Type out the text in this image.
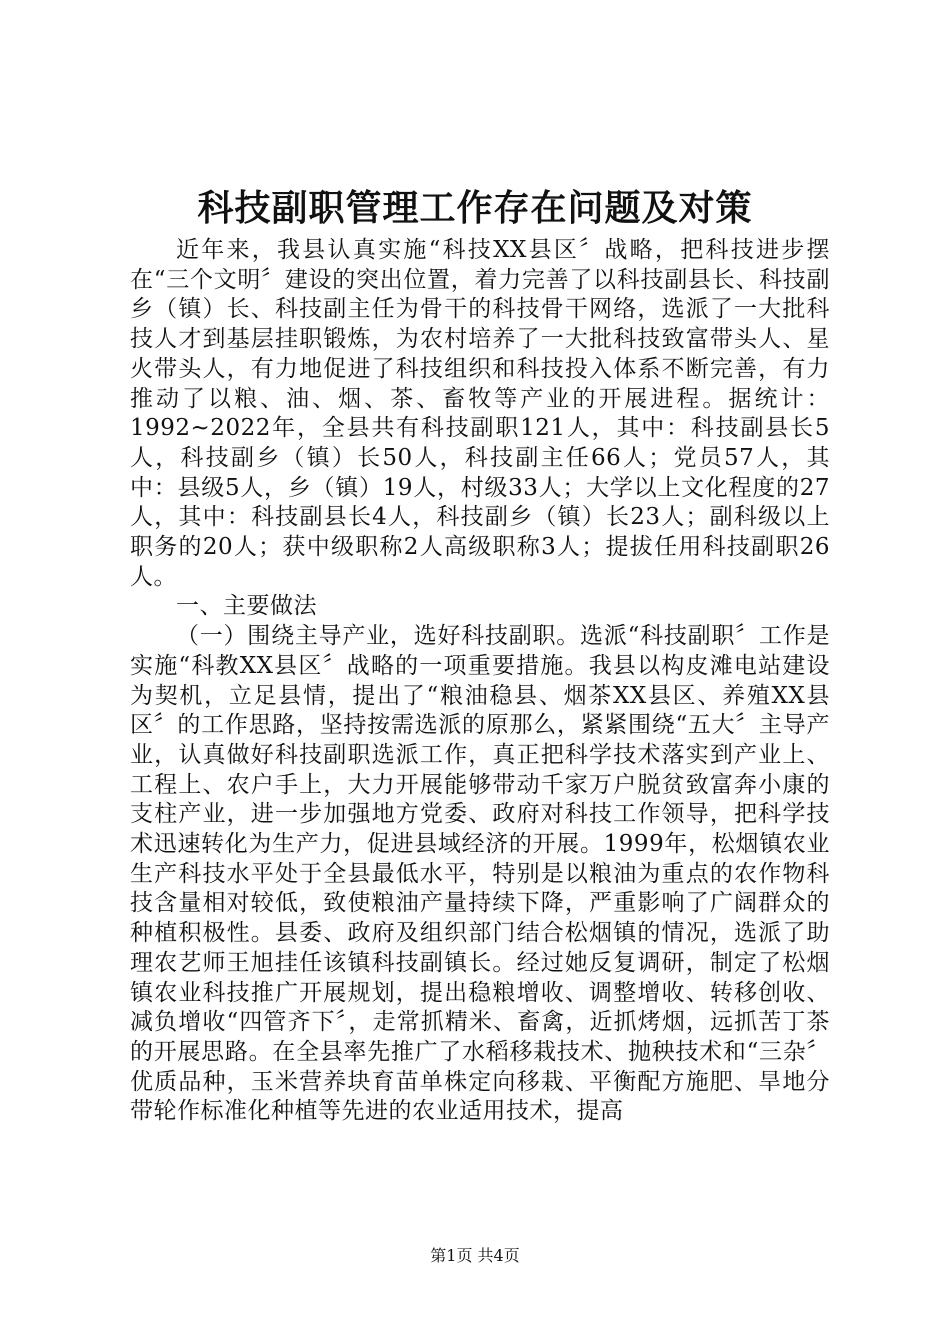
科技副职管理工作存在问题及对策

近年来，我县认真实施“科技XX县区〞战略，把科技进步摆在“三个文明〞建设的突出位置，着力完善了以科技副县长、科技副乡（镇）长、科技副主任为骨干的科技骨干网络，选派了一大批科技人才到基层挂职锻炼，为农村培养了一大批科技致富带头人、星火带头人，有力地促进了科技组织和科技投入体系不断完善，有力推动了以粮、油、烟、茶、畜牧等产业的开展进程。据统计：1992~2022年，全县共有科技副职121人，其中：科技副县长5人，科技副乡（镇）长50人，科技副主任66人；党员57人，其中：县级5人，乡（镇）19人，村级33人；大学以上文化程度的27人，其中：科技副县长4人，科技副乡（镇）长23人；副科级以上职务的20人；获中级职称2人高级职称3人；提拔任用科技副职26人。

一、主要做法

（一）围绕主导产业，选好科技副职。选派“科技副职〞工作是实施“科教XX县区〞战略的一项重要措施。我县以构皮滩电站建设为契机，立足县情，提出了“粮油稳县、烟茶XX县区、养殖XX县区〞的工作思路，坚持按需选派的原那么，紧紧围绕“五大〞主导产业，认真做好科技副职选派工作，真正把科学技术落实到产业上、工程上、农户手上，大力开展能够带动千家万户脱贫致富奔小康的支柱产业，进一步加强地方党委、政府对科技工作领导，把科学技术迅速转化为生产力，促进县域经济的开展。1999年，松烟镇农业生产科技水平处于全县最低水平，特别是以粮油为重点的农作物科技含量相对较低，致使粮油产量持续下降，严重影响了广阔群众的种植积极性。县委、政府及组织部门结合松烟镇的情况，选派了助理农艺师王旭挂任该镇科技副镇长。经过她反复调研，制定了松烟镇农业科技推广开展规划，提出稳粮增收、调整增收、转移创收、减负增收“四管齐下〞，走常抓精米、畜禽，近抓烤烟，远抓苦丁茶的开展思路。在全县率先推广了水稻移栽技术、抛秧技术和“三杂〞优质品种，玉米营养块育苗单株定向移栽、平衡配方施肥、旱地分带轮作标准化种植等先进的农业适用技术，提高

第1页 共4页
